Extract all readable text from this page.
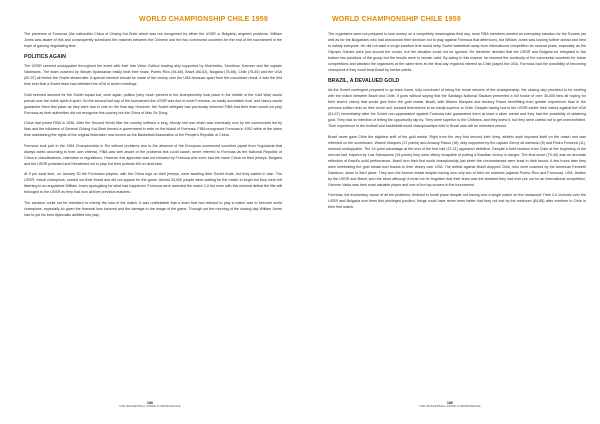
WORLD CHAMPIONSHIP CHILE 1959

The presence of Formosa (the nationalist China of Chiang Kai-Shek which was not recognised by either the USSR or Bulgaria) angered problems. William Jones was aware of this and consequently scheduled the matches between the Chinese and the two communist countries for the end of the tournament in the hope of gaining negotiating time.

POLITICS AGAIN

The USSR seemed unstoppable throughout the event with their star Victor Zubkov leading ably supported by Muzhnieks, Semitnov, Korneev and the captain Valdmanis. The team coached by Stepan Spandarian easily beat their rivals: Puerto Rico (84-65), Brazil (66-62), Bulgaria (78-58), Chile (75-40) and the USA (62-37) all before the Soviet steamroller. A special mention should be made of the victory over the USA because apart from the conclusive result, it was the first time ever that a Soviet team had defeated the USA in seven meetings.

Gold seemed assured for the Soviet squad but, once again, politics (very much present in the championship took place in the middle of the Cold War) would prevail over the noble spirit of sport. On the second last day of the tournament the USSR was due to meet Formosa, an easily accessible rival, and victory would guarantee them first place as they were due to rest on the final day. However, the Soviet delegate had previously informed FIBA that their team would not play Formosa as their authorities did not recognise this country but the China of Mao Ze Dong.

China had joined FIBA in 1936. After the Second World War the country suffered a long, bloody civil war which was eventually won by the communists led by Mao and the followers of General Chiang Kai-Shek formed a government in exile on the island of Formosa. FIBA recognised Formosa in 1952 while at the same time maintaining the rights of the original federation now known as the Basketball Association of the People's Republic of China.

Formosa took part in the 1954 Championship in Rio without problems due to the absence of the European communist countries (apart from Yugoslavia that always acted according to their own criteria). FIBA was well aware of the problems this could cause, never referred to Formosa as the National Republic of China in classifications, calendars or regulations. However this approach was not followed by Formosa who even had the name China on their jerseys. Bulgaria and the USSR protested and threatened not to play but their protests fell on deaf ears.

At 9 pm local time, on January 30 the Formosan players, with the China logo on their jerseys, were awaiting their Soviet rivals, but they waited in vain. The USSR, virtual champions, carried out their threat and did not appear for the game. Almost 20,000 people were waiting for the match to begin but they were left listening to an anguished William Jones apologising for what had happened. Formosa were awarded the match 2-0 but even with this minimal defeat the title still belonged to the USSR as they had won all their previous matches.

The sanction could not be restricted to merely the loss of the match. It was unthinkable that a team that had refused to play a match was to become world champions, especially so given the financial loss incurred and the damage to the image of the game. Through out the morning of the closing day William Jones had to put his best diplomatic abilities into play.

186
FIBA BASKETBALL PRIDE & PERMANENCE
WORLD CHAMPIONSHIP CHILE 1959

The organisers were not prepared to lose money on a completely meaningless final day, most FIBA members wanted an exemplary sanction for the Soviets (as well as for the Bulgarians who had announced their decision not to play against Formosa that afternoon), but William Jones was looking further ahead and tried to satisfy everyone. He did not want a tough sanction that would keep Soviet basketball away from international competition for several years, especially as the Olympic Games were just around the corner, but the situation could not be ignored. He therefore decided that the USSR and Bulgaria be relegated to the bottom two positions of the group but the results were to remain valid. By acting in this manner he ensured the continuity of the communist countries for future competitions and pleased the organisers at the same time as the final day regained interest as Chile played the USA. Formosa had the possibility of becoming champions if they could beat Brazil by twelve points.

BRAZIL, A DEVALUED GOLD

As the Soviet contingent prepared to go back home, fully convinced of being the moral winners of the championship, the closing day promised to be exciting with the match between Brazil and Chile. It goes without saying that the Santiago National Stadium presented a full house of over 30,000 fans all hoping for their team's victory that would give them the gold medal. Brazil, with Wlamir Marques and Amaury Pasos benefitting from greater experience than in the previous edition held on their home soil, showed themselves to be easily superior to Chile. Despite having lost to the USSR earlier their victory against the USA (81-67) immediately after the Soviet non-appearance against Formosa had guaranteed them at least a silver medal and they had the possibility of obtaining gold. They had no intention of letting the opportunity slip by. They were superior to the Chileans, and they knew it, but they were careful not to get overconfident. Their experience in the football and basketball world championships held in Brazil was still an unhealed wound.

Brazil never gave Chile the slightest sniff of the gold medal. Right from the very first second their lively, athletic style imposed itself on the match and was reflected on the scoreboard. Wlamir Marques (17 points) and Amaury Pasos (18), ably supported by the captain Zenny de Azevedo (8) and Pedro Fonseca (11), seemed unstoppable. The 16 point advantage at the end of the first half (37-21) appeared definitive. Despite a brief reaction from Chile at the beginning of the second half, inspired by Luis Salvadores (15 points) they were utterly incapable of putting a Brazilian victory in danger. The final score (73-49) was an accurate reflection of Brazil's solid performance. Brazil won their first world championship just when the circumstances were least in their favour. A few hours later they were celebrating the gold medal won thanks to their victory over USA. The defeat against Brazil dropped Chile, who were coached by the American Kenneth Davidson, down to third place. They won the bronze medal despite having won only two of their six matches (against Puerto Rico and Formosa). USA, beaten by the USSR and Brazil, won the silver although it must not be forgotten that their team was the weakest they had ever put out for an international competition, Gerome Vaida was their most valuable player and one of the top scorers in the tournament.

Formosa, the involuntary cause of all the problems, finished in fourth place despite not having won a single match on the hardwood! Their 2-0 victories over the USSR and Bulgaria won them this privileged position, things could have never been better had they not lost by the minimum (84-85) after overtime to Chile in their first match.

186
FIBA BASKETBALL PRIDE & PERMANENCE
